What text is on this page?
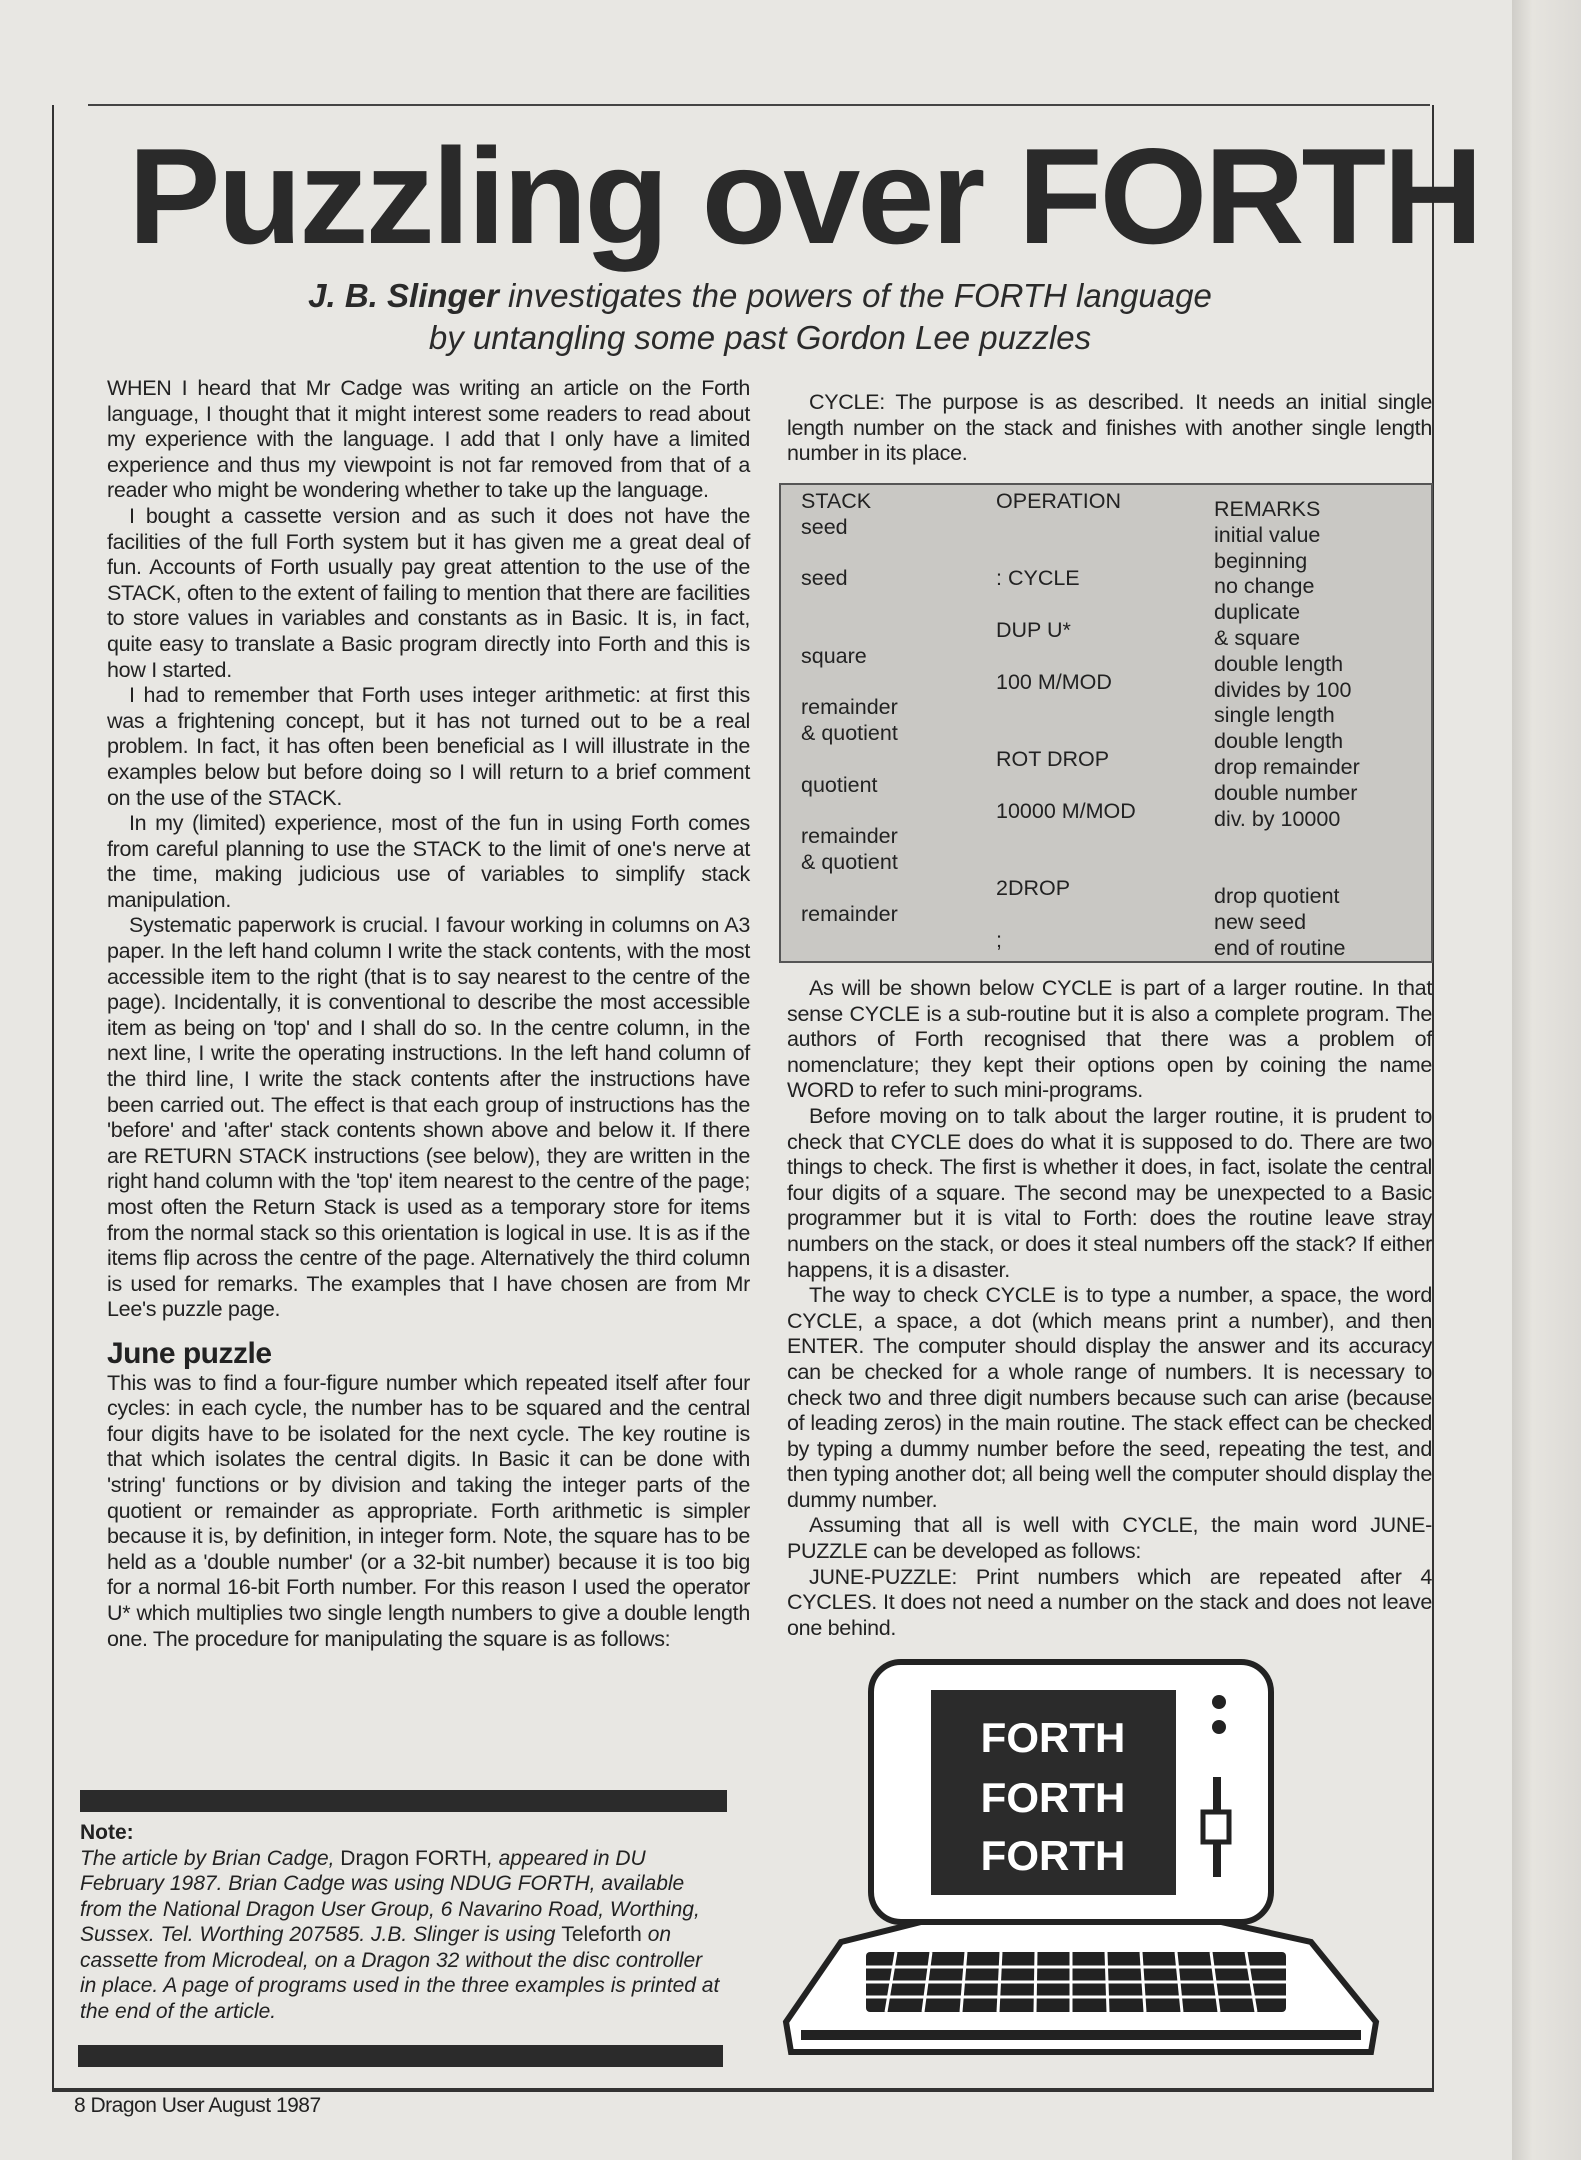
Puzzling over FORTH
J. B. Slinger investigates the powers of the FORTH language
by untangling some past Gordon Lee puzzles

WHEN I heard that Mr Cadge was writing an article on the Forth language, I thought that it might interest some readers to read about my experience with the language. I add that I only have a limited experience and thus my viewpoint is not far removed from that of a reader who might be wondering whether to take up the language.

I bought a cassette version and as such it does not have the facilities of the full Forth system but it has given me a great deal of fun. Accounts of Forth usually pay great attention to the use of the STACK, often to the extent of failing to mention that there are facilities to store values in variables and constants as in Basic. It is, in fact, quite easy to translate a Basic program directly into Forth and this is how I started.

I had to remember that Forth uses integer arithmetic: at first this was a frightening concept, but it has not turned out to be a real problem. In fact, it has often been beneficial as I will illustrate in the examples below but before doing so I will return to a brief comment on the use of the STACK.

In my (limited) experience, most of the fun in using Forth comes from careful planning to use the STACK to the limit of one's nerve at the time, making judicious use of variables to simplify stack manipulation.

Systematic paperwork is crucial. I favour working in columns on A3 paper. In the left hand column I write the stack contents, with the most accessible item to the right (that is to say nearest to the centre of the page). Incidentally, it is conventional to describe the most accessible item as being on 'top' and I shall do so. In the centre column, in the next line, I write the operating instructions. In the left hand column of the third line, I write the stack contents after the instructions have been carried out. The effect is that each group of instructions has the 'before' and 'after' stack contents shown above and below it. If there are RETURN STACK instructions (see below), they are written in the right hand column with the 'top' item nearest to the centre of the page; most often the Return Stack is used as a temporary store for items from the normal stack so this orientation is logical in use. It is as if the items flip across the centre of the page. Alternatively the third column is used for remarks. The examples that I have chosen are from Mr Lee's puzzle page.

June puzzle

This was to find a four-figure number which repeated itself after four cycles: in each cycle, the number has to be squared and the central four digits have to be isolated for the next cycle. The key routine is that which isolates the central digits. In Basic it can be done with 'string' functions or by division and taking the integer parts of the quotient or remainder as appropriate. Forth arithmetic is simpler because it is, by definition, in integer form. Note, the square has to be held as a 'double number' (or a 32-bit number) because it is too big for a normal 16-bit Forth number. For this reason I used the operator U* which multiplies two single length numbers to give a double length one. The procedure for manipulating the square is as follows:

Note:
The article by Brian Cadge, Dragon FORTH, appeared in DU February 1987. Brian Cadge was using NDUG FORTH, available from the National Dragon User Group, 6 Navarino Road, Worthing, Sussex. Tel. Worthing 207585. J.B. Slinger is using Teleforth on cassette from Microdeal, on a Dragon 32 without the disc controller in place. A page of programs used in the three examples is printed at the end of the article.

CYCLE: The purpose is as described. It needs an initial single length number on the stack and finishes with another single length number in its place.

STACK
seed
seed
square
remainder
& quotient
quotient
remainder
& quotient
remainder
OPERATION
: CYCLE
DUP U*
100 M/MOD
ROT DROP
10000 M/MOD
2DROP
;
REMARKS
initial value
beginning
no change
duplicate
& square
double length
divides by 100
single length
double length
drop remainder
double number
div. by 10000
drop quotient
new seed
end of routine

As will be shown below CYCLE is part of a larger routine. In that sense CYCLE is a sub-routine but it is also a complete program. The authors of Forth recognised that there was a problem of nomenclature; they kept their options open by coining the name WORD to refer to such mini-programs.

Before moving on to talk about the larger routine, it is prudent to check that CYCLE does do what it is supposed to do. There are two things to check. The first is whether it does, in fact, isolate the central four digits of a square. The second may be unexpected to a Basic programmer but it is vital to Forth: does the routine leave stray numbers on the stack, or does it steal numbers off the stack? If either happens, it is a disaster.

The way to check CYCLE is to type a number, a space, the word CYCLE, a space, a dot (which means print a number), and then ENTER. The computer should display the answer and its accuracy can be checked for a whole range of numbers. It is necessary to check two and three digit numbers because such can arise (because of leading zeros) in the main routine. The stack effect can be checked by typing a dummy number before the seed, repeating the test, and then typing another dot; all being well the computer should display the dummy number.

Assuming that all is well with CYCLE, the main word JUNE-PUZZLE can be developed as follows:

JUNE-PUZZLE: Print numbers which are repeated after 4 CYCLES. It does not need a number on the stack and does not leave one behind.

FORTH
FORTH
FORTH
8 Dragon User August 1987
